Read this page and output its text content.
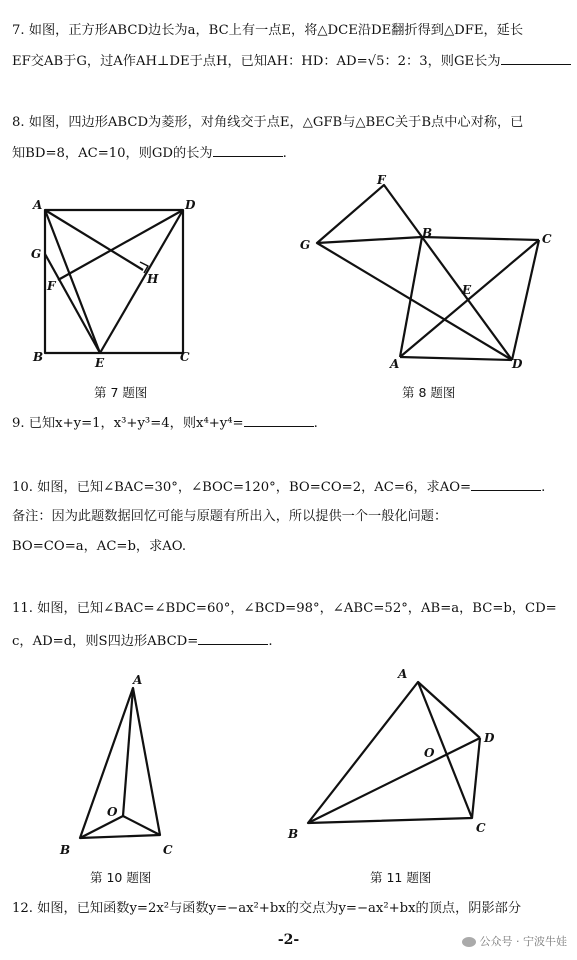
7. 如图，正方形ABCD边长为a，BC上有一点E，将△DCE沿DE翻折得到△DFE，延长
EF交AB于G，过A作AH⊥DE于点H，已知AH：HD：AD=√5：2：3，则GE长为
8. 如图，四边形ABCD为菱形，对角线交于点E，△GFB与△BEC关于B点中心对称，已
知BD=8，AC=10，则GD的长为	.
A	D
G
F	H
B	E	C
第 7 题图
F
G
B	C
E
A	D
第 8 题图
9. 已知x+y=1，x³+y³=4，则x⁴+y⁴=	.
10. 如图，已知∠BAC=30°，∠BOC=120°，BO=CO=2，AC=6，求AO=	.
备注：因为此题数据回忆可能与原题有所出入，所以提供一个一般化问题：
BO=CO=a，AC=b，求AO.
11. 如图，已知∠BAC=∠BDC=60°，∠BCD=98°，∠ABC=52°，AB=a，BC=b，CD=
c，AD=d，则S四边形ABCD=	.
A
O
B	C
第 10 题图
A
D
O
B	C
第 11 题图
12. 如图，已知函数y=2x²与函数y=−ax²+bx的交点为y=−ax²+bx的顶点，阴影部分
-2-	公众号 · 宁波牛娃
